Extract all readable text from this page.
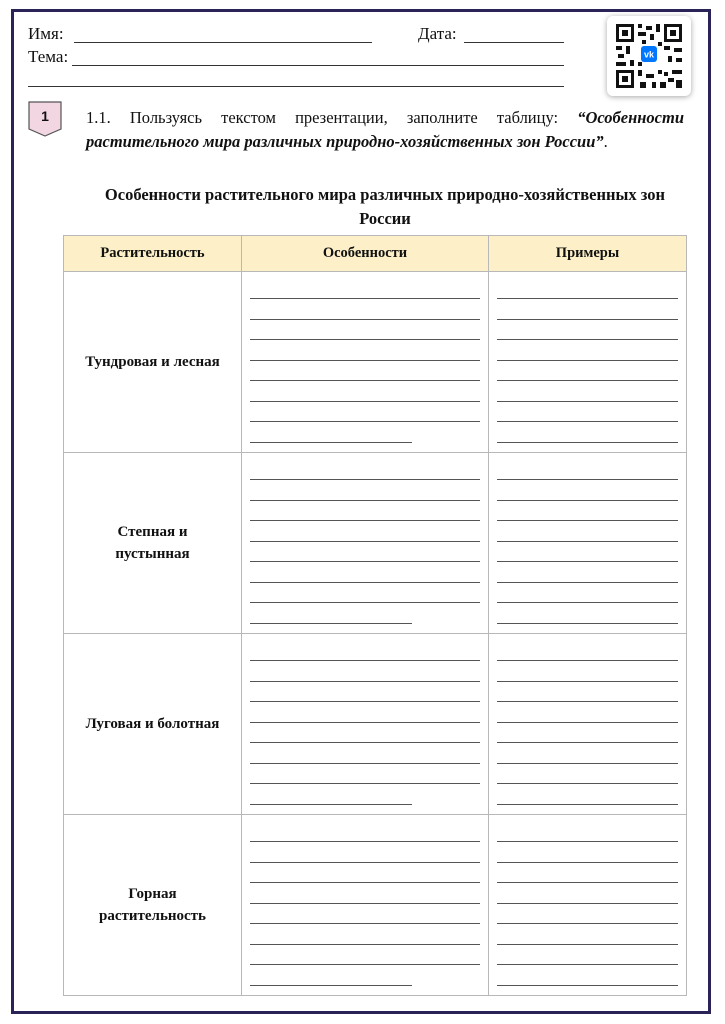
Имя:	Дата:
Тема:	vk
1 1.1. Пользуясь текстом презентации, заполните таблицу: “Особенности растительного мира различных природно-хозяйственных зон России”.
Особенности растительного мира различных природно-хозяйственных зон России
Растительность	Особенности	Примеры
Тундровая и лесная	

Степная и пустынная		

Луговая и болотная	

Горная растительность		
